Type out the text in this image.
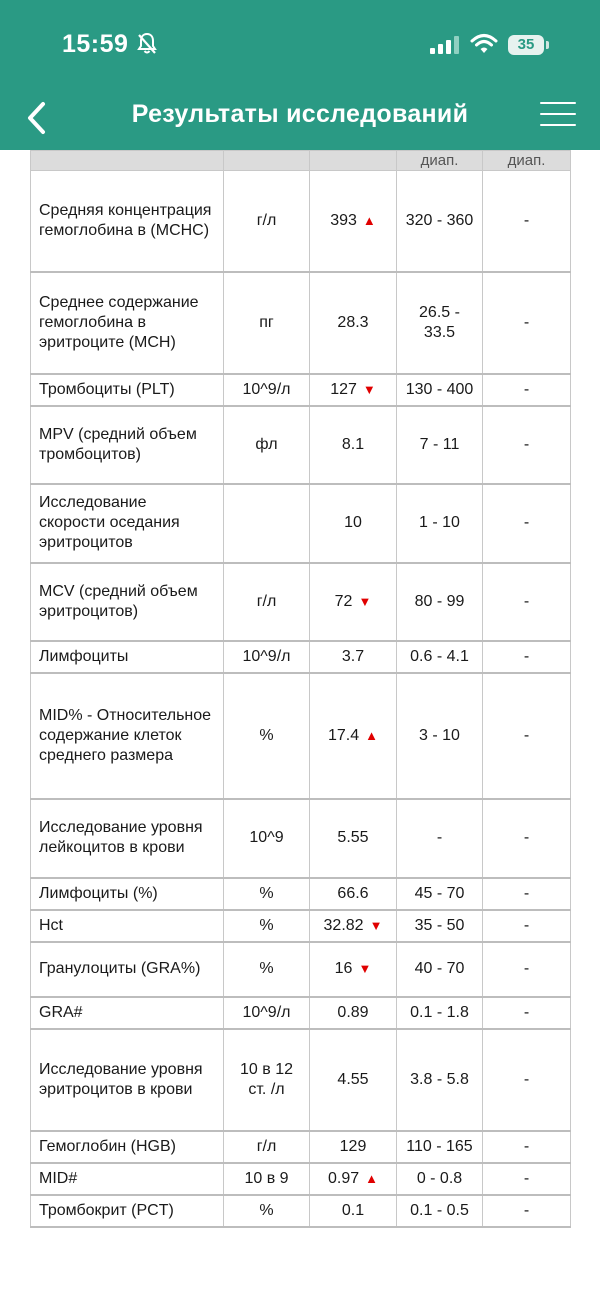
15:59	35
Результаты исследований
			диап.	диап.
Средняя концентрация гемоглобина в (MCHC)	г/л	393 ▲	320 - 360	-
Среднее содержание гемоглобина в эритроците (MCH)	пг	28.3	26.5 - 33.5	-
Тромбоциты (PLT)	10^9/л	127 ▼	130 - 400	-
MPV (средний объем тромбоцитов)	фл	8.1	7 - 11	-
Исследование скорости оседания эритроцитов		10	1 - 10	-
MCV (средний объем эритроцитов)	г/л	72 ▼	80 - 99	-
Лимфоциты	10^9/л	3.7	0.6 - 4.1	-
MID% - Относительное содержание клеток среднего размера	%	17.4 ▲	3 - 10	-
Исследование уровня лейкоцитов в крови	10^9	5.55	-	-
Лимфоциты (%)	%	66.6	45 - 70	-
Hct	%	32.82 ▼	35 - 50	-
Гранулоциты (GRA%)	%	16 ▼	40 - 70	-
GRA#	10^9/л	0.89	0.1 - 1.8	-
Исследование уровня эритроцитов в крови	10 в 12 ст. /л	4.55	3.8 - 5.8	-
Гемоглобин (HGB)	г/л	129	110 - 165	-
MID#	10 в 9	0.97 ▲	0 - 0.8	-
Тромбокрит (PCT)	%	0.1	0.1 - 0.5	-
